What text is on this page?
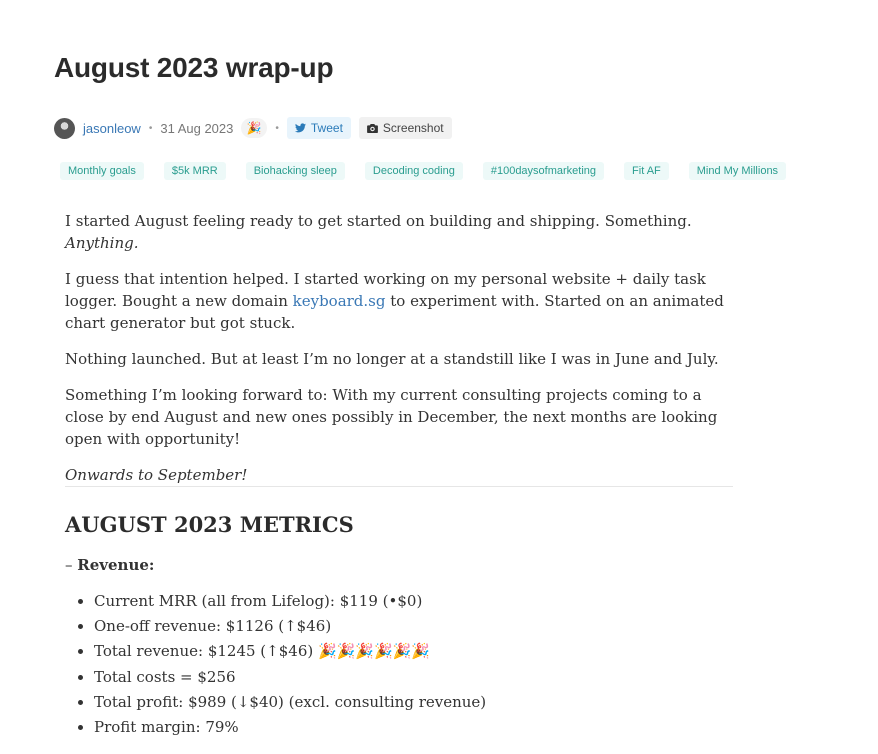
August 2023 wrap-up
jasonleow • 31 Aug 2023	🎉	•	Tweet	Screenshot
Monthly goals	$5k MRR	Biohacking sleep	Decoding coding	#100daysofmarketing	Fit AF	Mind My Millions

I started August feeling ready to get started on building and shipping. Something. Anything.

I guess that intention helped. I started working on my personal website + daily task logger. Bought a new domain keyboard.sg to experiment with. Started on an animated chart generator but got stuck.

Nothing launched. But at least I’m no longer at a standstill like I was in June and July.

Something I’m looking forward to: With my current consulting projects coming to a close by end August and new ones possibly in December, the next months are looking open with opportunity!

Onwards to September!

AUGUST 2023 METRICS
– Revenue:
• Current MRR (all from Lifelog): $119 (•$0)
• One-off revenue: $1126 (↑$46)
• Total revenue: $1245 (↑$46) 🎉🎉🎉🎉🎉🎉
• Total costs = $256
• Total profit: $989 (↓$40) (excl. consulting revenue)
• Profit margin: 79%
